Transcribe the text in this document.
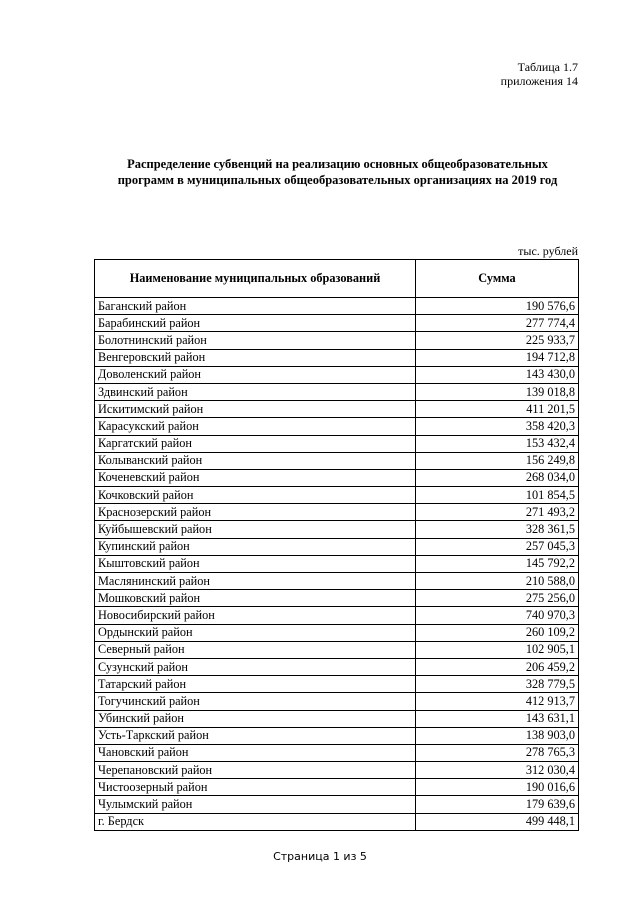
Таблица 1.7
приложения 14
Распределение субвенций на реализацию основных общеобразовательных
программ в муниципальных общеобразовательных организациях на 2019 год
тыс. рублей
Наименование муниципальных образований	Сумма
Баганский район	190 576,6
Барабинский район	277 774,4
Болотнинский район	225 933,7
Венгеровский район	194 712,8
Доволенский район	143 430,0
Здвинский район	139 018,8
Искитимский район	411 201,5
Карасукский район	358 420,3
Каргатский район	153 432,4
Колыванский район	156 249,8
Коченевский район	268 034,0
Кочковский район	101 854,5
Краснозерский район	271 493,2
Куйбышевский район	328 361,5
Купинский район	257 045,3
Кыштовский район	145 792,2
Маслянинский район	210 588,0
Мошковский район	275 256,0
Новосибирский район	740 970,3
Ордынский район	260 109,2
Северный район	102 905,1
Сузунский район	206 459,2
Татарский район	328 779,5
Тогучинский район	412 913,7
Убинский район	143 631,1
Усть-Таркский район	138 903,0
Чановский район	278 765,3
Черепановский район	312 030,4
Чистоозерный район	190 016,6
Чулымский район	179 639,6
г. Бердск	499 448,1
Страница 1 из 5
